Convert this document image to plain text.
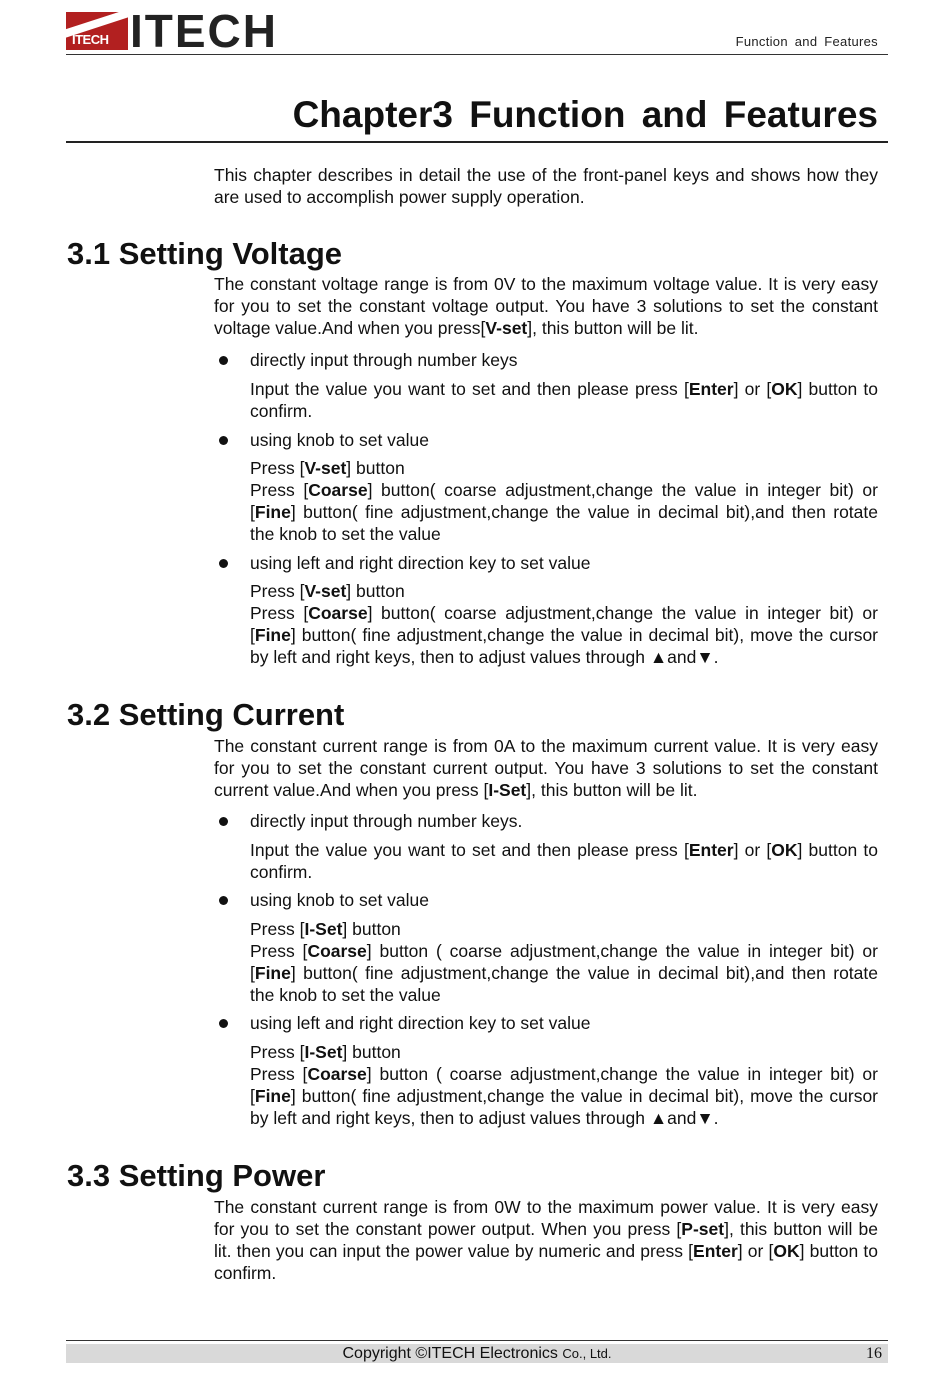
ITECH ITECH	Function and Features
Chapter3 Function and Features

This chapter describes in detail the use of the front-panel keys and shows how they are used to accomplish power supply operation.

3.1 Setting Voltage

The constant voltage range is from 0V to the maximum voltage value. It is very easy for you to set the constant voltage output. You have 3 solutions to set the constant voltage value.And when you press[V-set], this button will be lit.

directly input through number keys

Input the value you want to set and then please press [Enter] or [OK] button to confirm.

using knob to set value

Press [V-set] button

Press [Coarse] button( coarse adjustment,change the value in integer bit) or [Fine] button( fine adjustment,change the value in decimal bit),and then rotate the knob to set the value

using left and right direction key to set value

Press [V-set] button

Press [Coarse] button( coarse adjustment,change the value in integer bit) or [Fine] button( fine adjustment,change the value in decimal bit), move the cursor by left and right keys, then to adjust values through ▲and▼.

3.2 Setting Current

The constant current range is from 0A to the maximum current value. It is very easy for you to set the constant current output. You have 3 solutions to set the constant current value.And when you press [I-Set], this button will be lit.

directly input through number keys.

Input the value you want to set and then please press [Enter] or [OK] button to confirm.

using knob to set value

Press [I-Set] button

Press [Coarse] button ( coarse adjustment,change the value in integer bit) or [Fine] button( fine adjustment,change the value in decimal bit),and then rotate the knob to set the value

using left and right direction key to set value

Press [I-Set] button

Press [Coarse] button ( coarse adjustment,change the value in integer bit) or [Fine] button( fine adjustment,change the value in decimal bit), move the cursor by left and right keys, then to adjust values through ▲and▼.

3.3 Setting Power

The constant current range is from 0W to the maximum power value. It is very easy for you to set the constant power output. When you press [P-set], this button will be lit. then you can input the power value by numeric and press [Enter] or [OK] button to confirm.

Copyright ©ITECH Electronics Co., Ltd.	16
